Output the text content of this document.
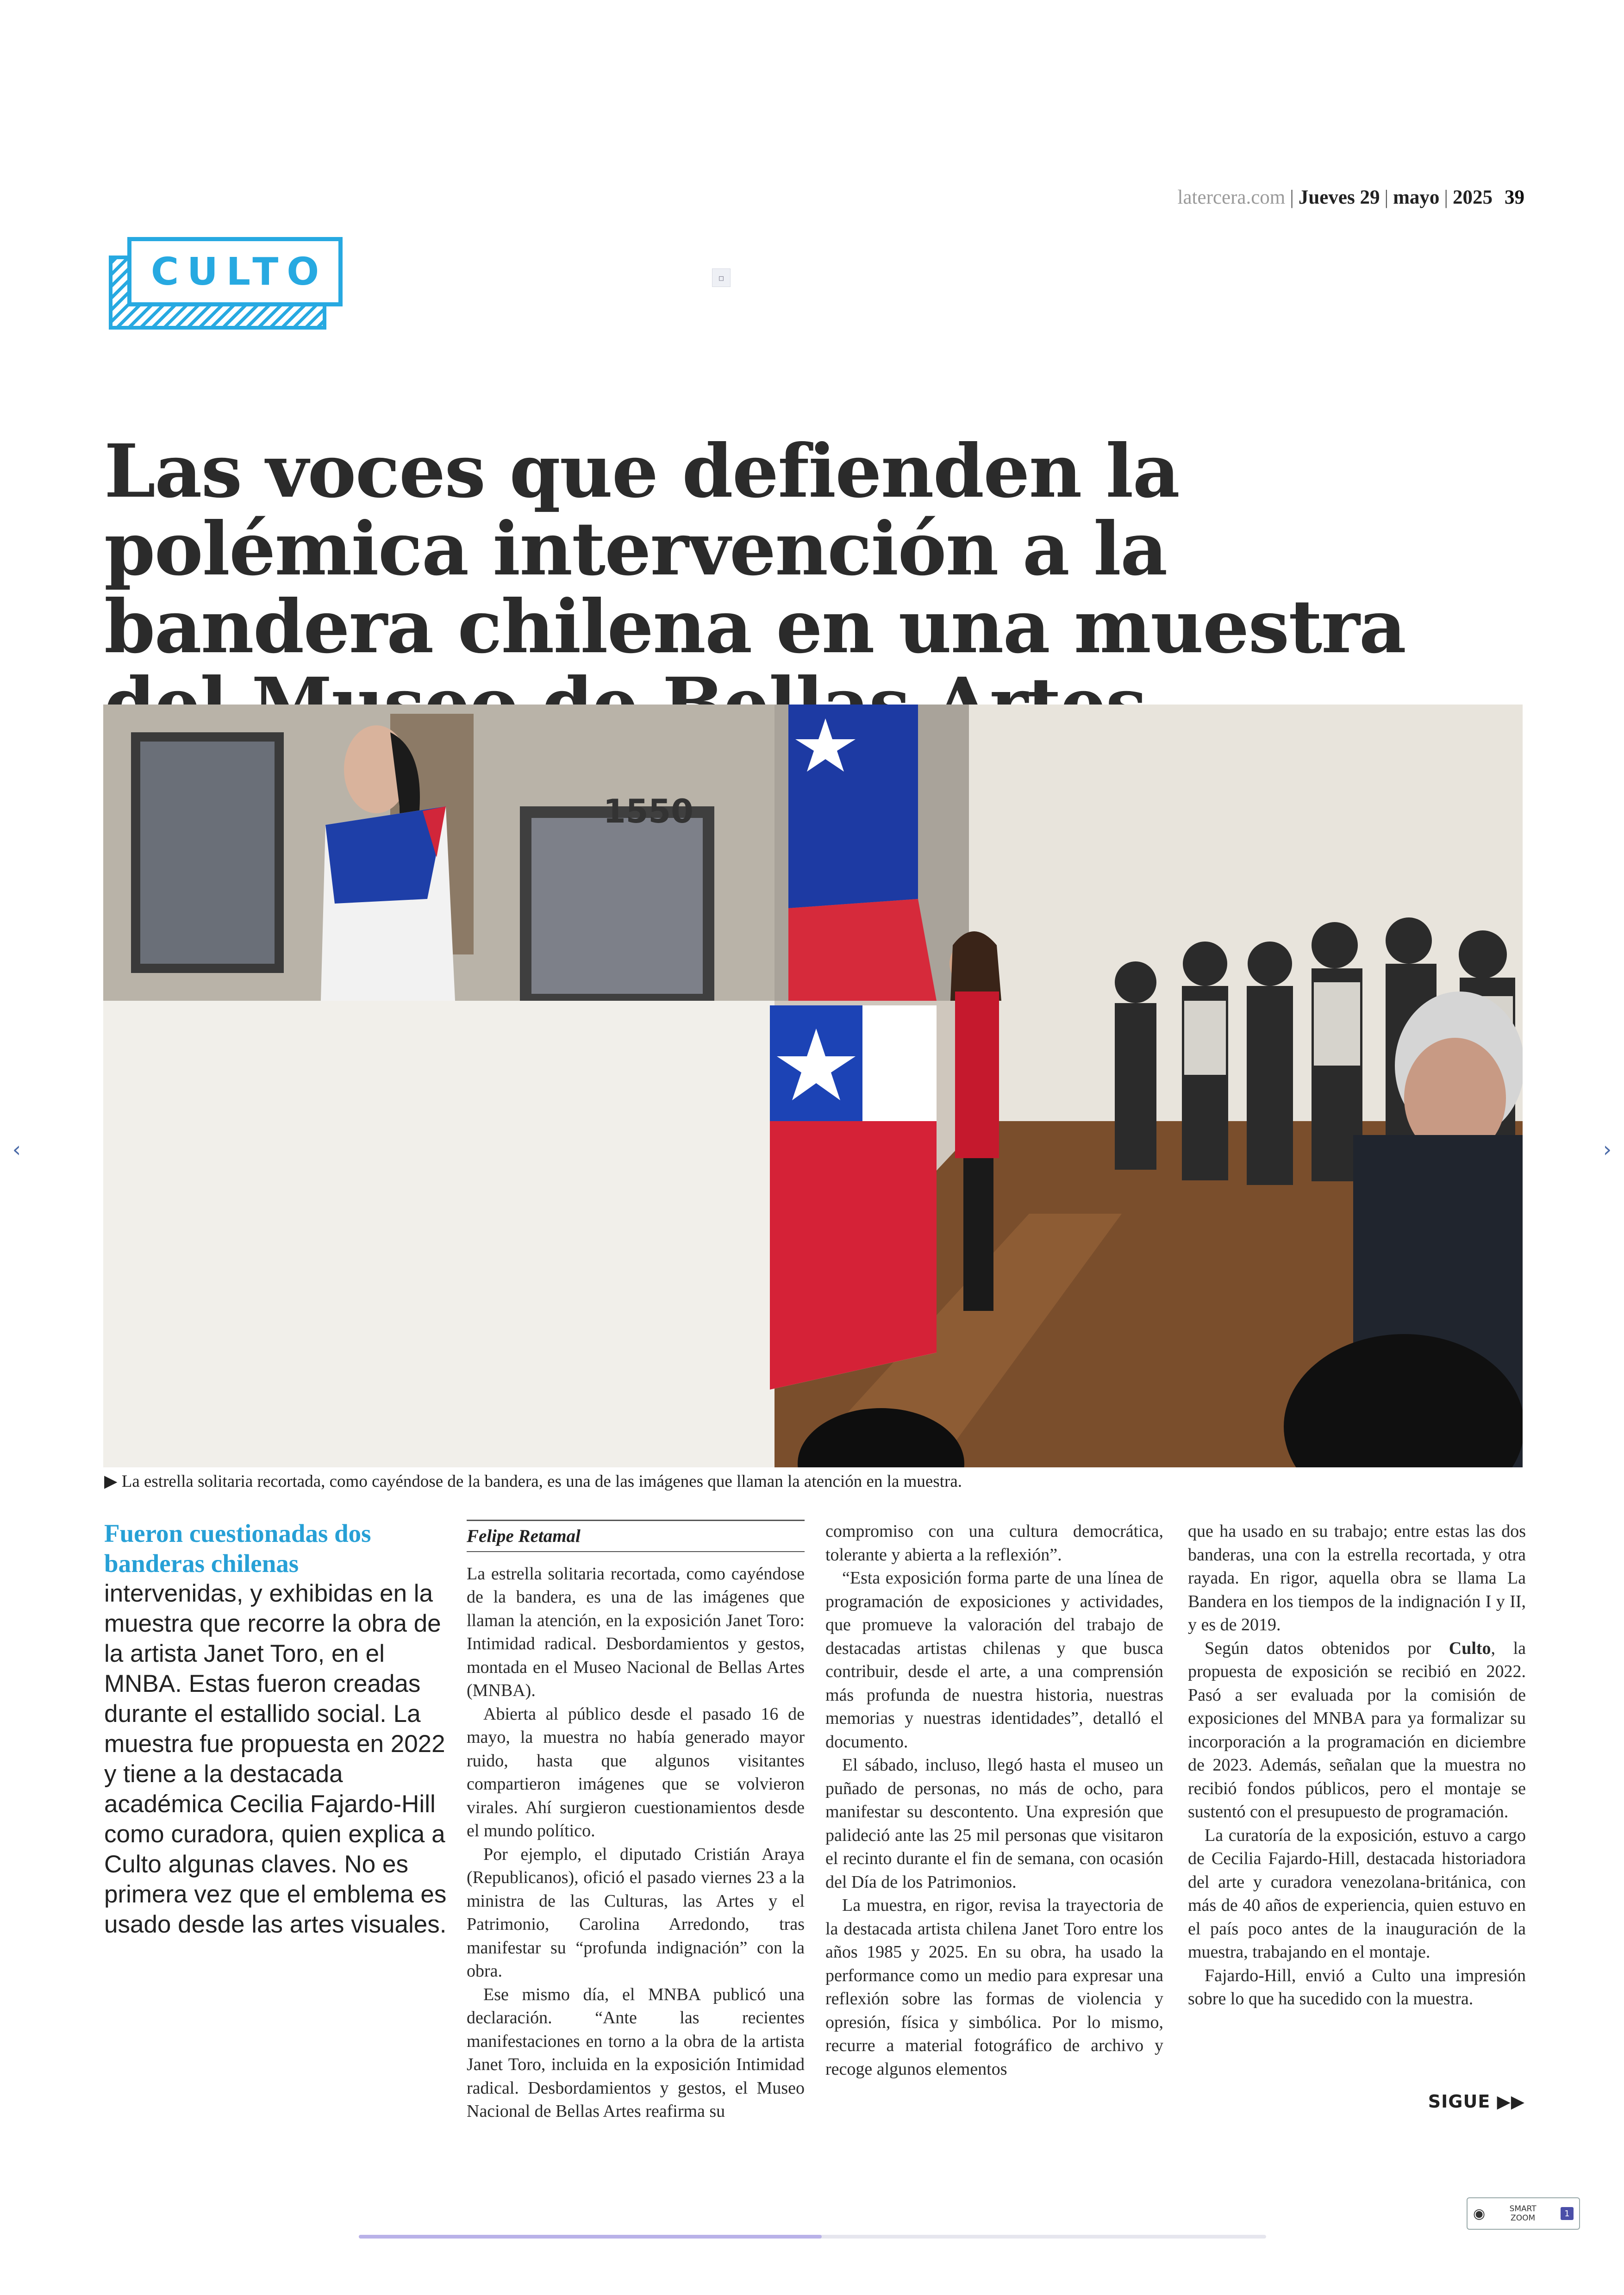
latercera.com | Jueves 29 | mayo | 2025 39
CULTO	▫
Las voces que defienden la polémica intervención a la bandera chilena en una muestra
1550
▶ La estrella solitaria recortada, como cayéndose de la bandera, es una de las imágenes que llaman la atención en la muestra.
Fueron cuestionadas dos banderas chilenas

intervenidas, y exhibidas en la muestra que recorre la obra de la artista Janet Toro, en el MNBA. Estas fueron creadas durante el estallido social. La muestra fue propuesta en 2022 y tiene a la destacada académica Cecilia Fajardo-Hill como curadora, quien explica a Culto algunas claves. No es primera vez que el emblema es usado desde las artes visuales.

Felipe Retamal

La estrella solitaria recortada, como cayéndose de la bandera, es una de las imágenes que llaman la atención, en la exposición Janet Toro: Intimidad radical. Desbordamientos y gestos, montada en el Museo Nacional de Bellas Artes (MNBA).

Abierta al público desde el pasado 16 de mayo, la muestra no había generado mayor ruido, hasta que algunos visitantes compartieron imágenes que se volvieron virales. Ahí surgieron cuestionamientos desde el mundo político.

Por ejemplo, el diputado Cristián Araya (Republicanos), ofició el pasado viernes 23 a la ministra de las Culturas, las Artes y el Patrimonio, Carolina Arredondo, tras manifestar su “profunda indignación” con la obra.

Ese mismo día, el MNBA publicó una declaración. “Ante las recientes manifestaciones en torno a la obra de la artista Janet Toro, incluida en la exposición Intimidad radical. Desbordamientos y gestos, el Museo Nacional de Bellas Artes reafirma su

compromiso con una cultura democrática, tolerante y abierta a la reflexión”.

“Esta exposición forma parte de una línea de programación de exposiciones y actividades, que promueve la valoración del trabajo de destacadas artistas chilenas y que busca contribuir, desde el arte, a una comprensión más profunda de nuestra historia, nuestras memorias y nuestras identidades”, detalló el documento.

El sábado, incluso, llegó hasta el museo un puñado de personas, no más de ocho, para manifestar su descontento. Una expresión que palideció ante las 25 mil personas que visitaron el recinto durante el fin de semana, con ocasión del Día de los Patrimonios.

La muestra, en rigor, revisa la trayectoria de la destacada artista chilena Janet Toro entre los años 1985 y 2025. En su obra, ha usado la performance como un medio para expresar una reflexión sobre las formas de violencia y opresión, física y simbólica. Por lo mismo, recurre a material fotográfico de archivo y recoge algunos elementos

que ha usado en su trabajo; entre estas las dos banderas, una con la estrella recortada, y otra rayada. En rigor, aquella obra se llama La Bandera en los tiempos de la indignación I y II, y es de 2019.

Según datos obtenidos por Culto, la propuesta de exposición se recibió en 2022. Pasó a ser evaluada por la comisión de exposiciones del MNBA para ya formalizar su incorporación a la programación en diciembre de 2023. Además, señalan que la muestra no recibió fondos públicos, pero el montaje se sustentó con el presupuesto de programación.

La curatoría de la exposición, estuvo a cargo de Cecilia Fajardo-Hill, destacada historiadora del arte y curadora venezolana-británica, con más de 40 años de experiencia, quien estuvo en el país poco antes de la inauguración de la muestra, trabajando en el montaje.

Fajardo-Hill, envió a Culto una impresión sobre lo que ha sucedido con la muestra.

SIGUE ▶▶
‹	›
◉	SMART
ZOOM	1
